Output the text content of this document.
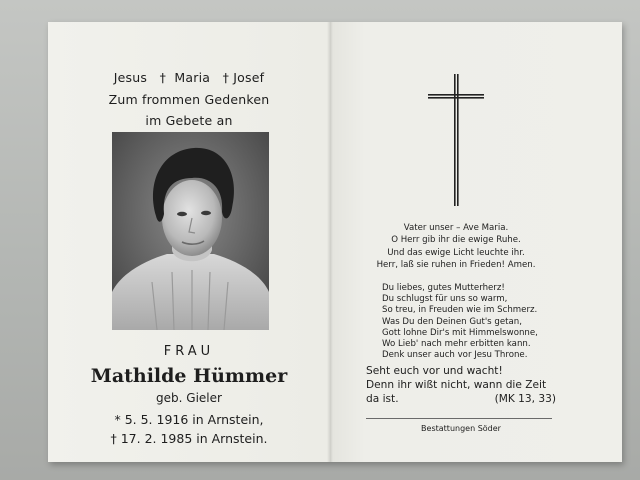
Jesus † Maria † Josef
Zum frommen Gedenken
im Gebete an
FRAU
Mathilde Hümmer
geb. Gieler
* 5. 5. 1916 in Arnstein,
† 17. 2. 1985 in Arnstein.
Vater unser – Ave Maria.
O Herr gib ihr die ewige Ruhe.
Und das ewige Licht leuchte ihr.
Herr, laß sie ruhen in Frieden! Amen.
Du liebes, gutes Mutterherz!
Du schlugst für uns so warm,
So treu, in Freuden wie im Schmerz.
Was Du den Deinen Gut's getan,
Gott lohne Dir's mit Himmelswonne,
Wo Lieb' nach mehr erbitten kann.
Denk unser auch vor Jesu Throne.
Seht euch vor und wacht!
Denn ihr wißt nicht, wann die Zeit
da ist.	(MK 13, 33)
Bestattungen Söder
